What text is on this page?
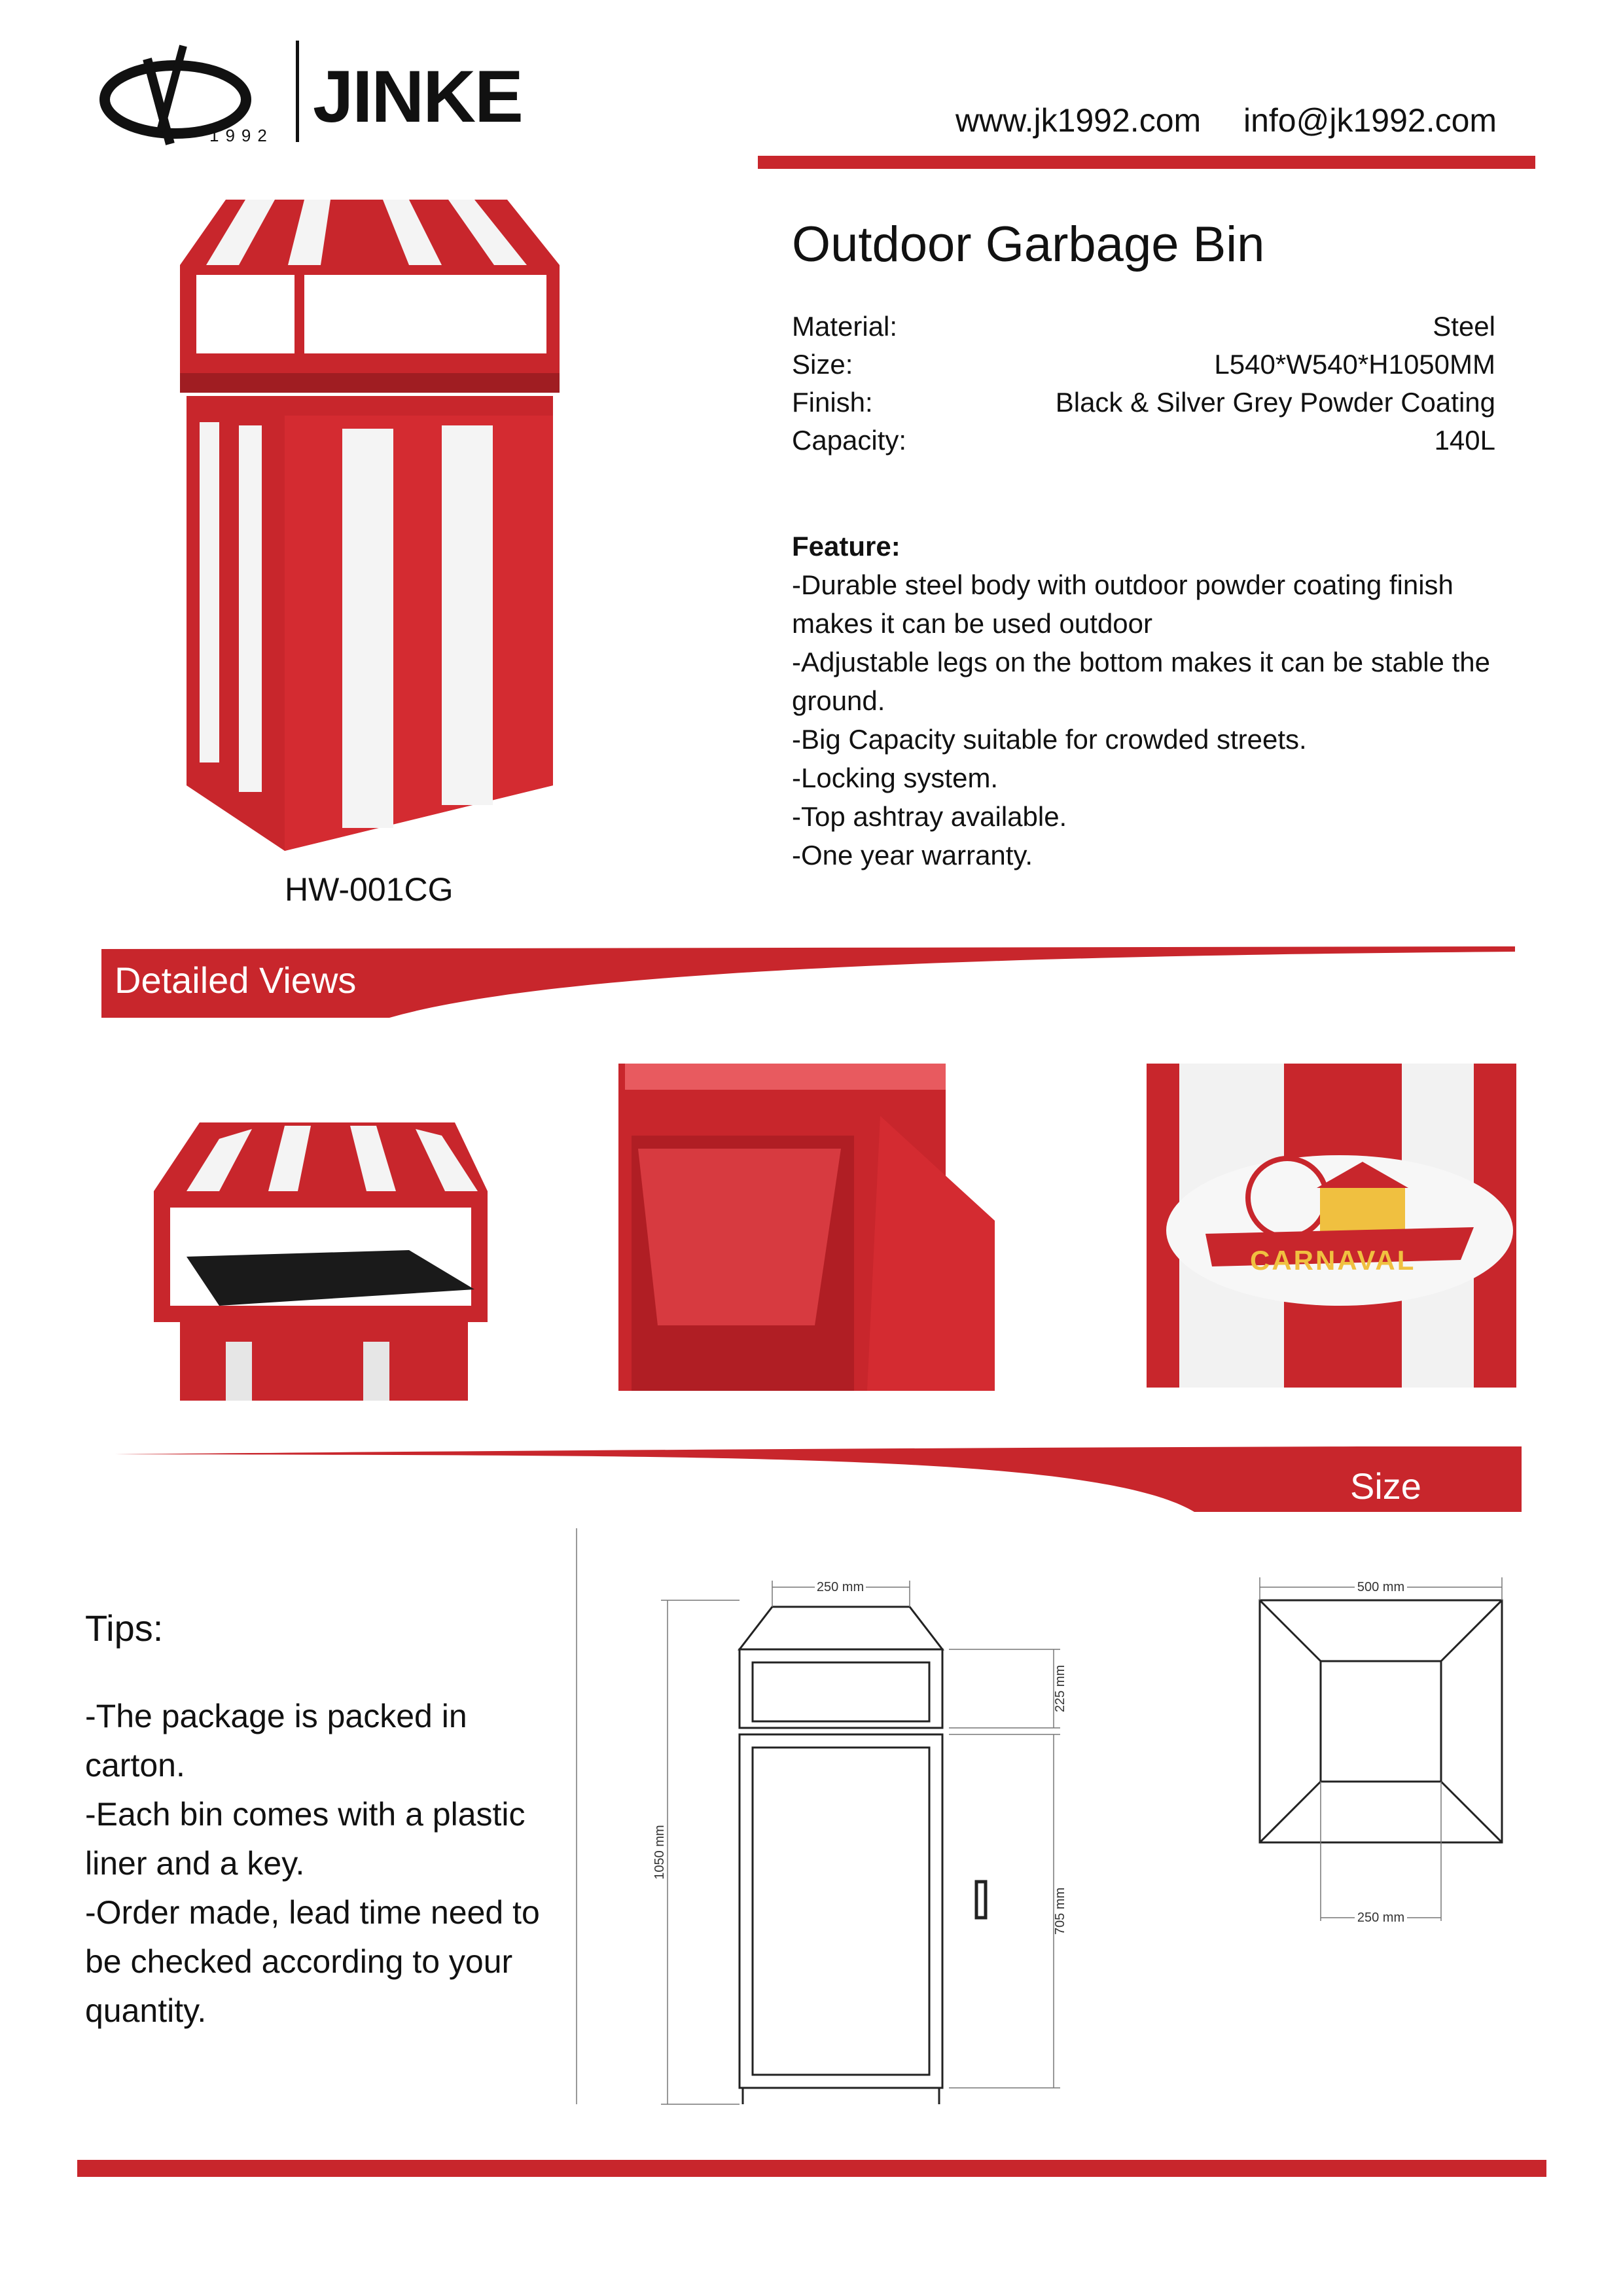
1992 JINKE	www.jk1992.com info@jk1992.com
HW-001CG
Outdoor Garbage Bin
Material:	Steel
Size:	L540*W540*H1050MM
Finish:	Black & Silver Grey Powder Coating
Capacity:	140L
Feature:
-Durable steel body with outdoor powder coating finish makes it can be used outdoor
-Adjustable legs on the bottom makes it can be stable the ground.
-Big Capacity suitable for crowded streets.
-Locking system.
-Top ashtray available.
-One year warranty.
Detailed Views
CARNAVAL
Size
Tips:
-The package is packed in carton.
-Each bin comes with a plastic liner and a key.
-Order made, lead time need to be checked according to your quantity.
250 mm
225 mm
1050 mm
705 mm
500 mm
250 mm
